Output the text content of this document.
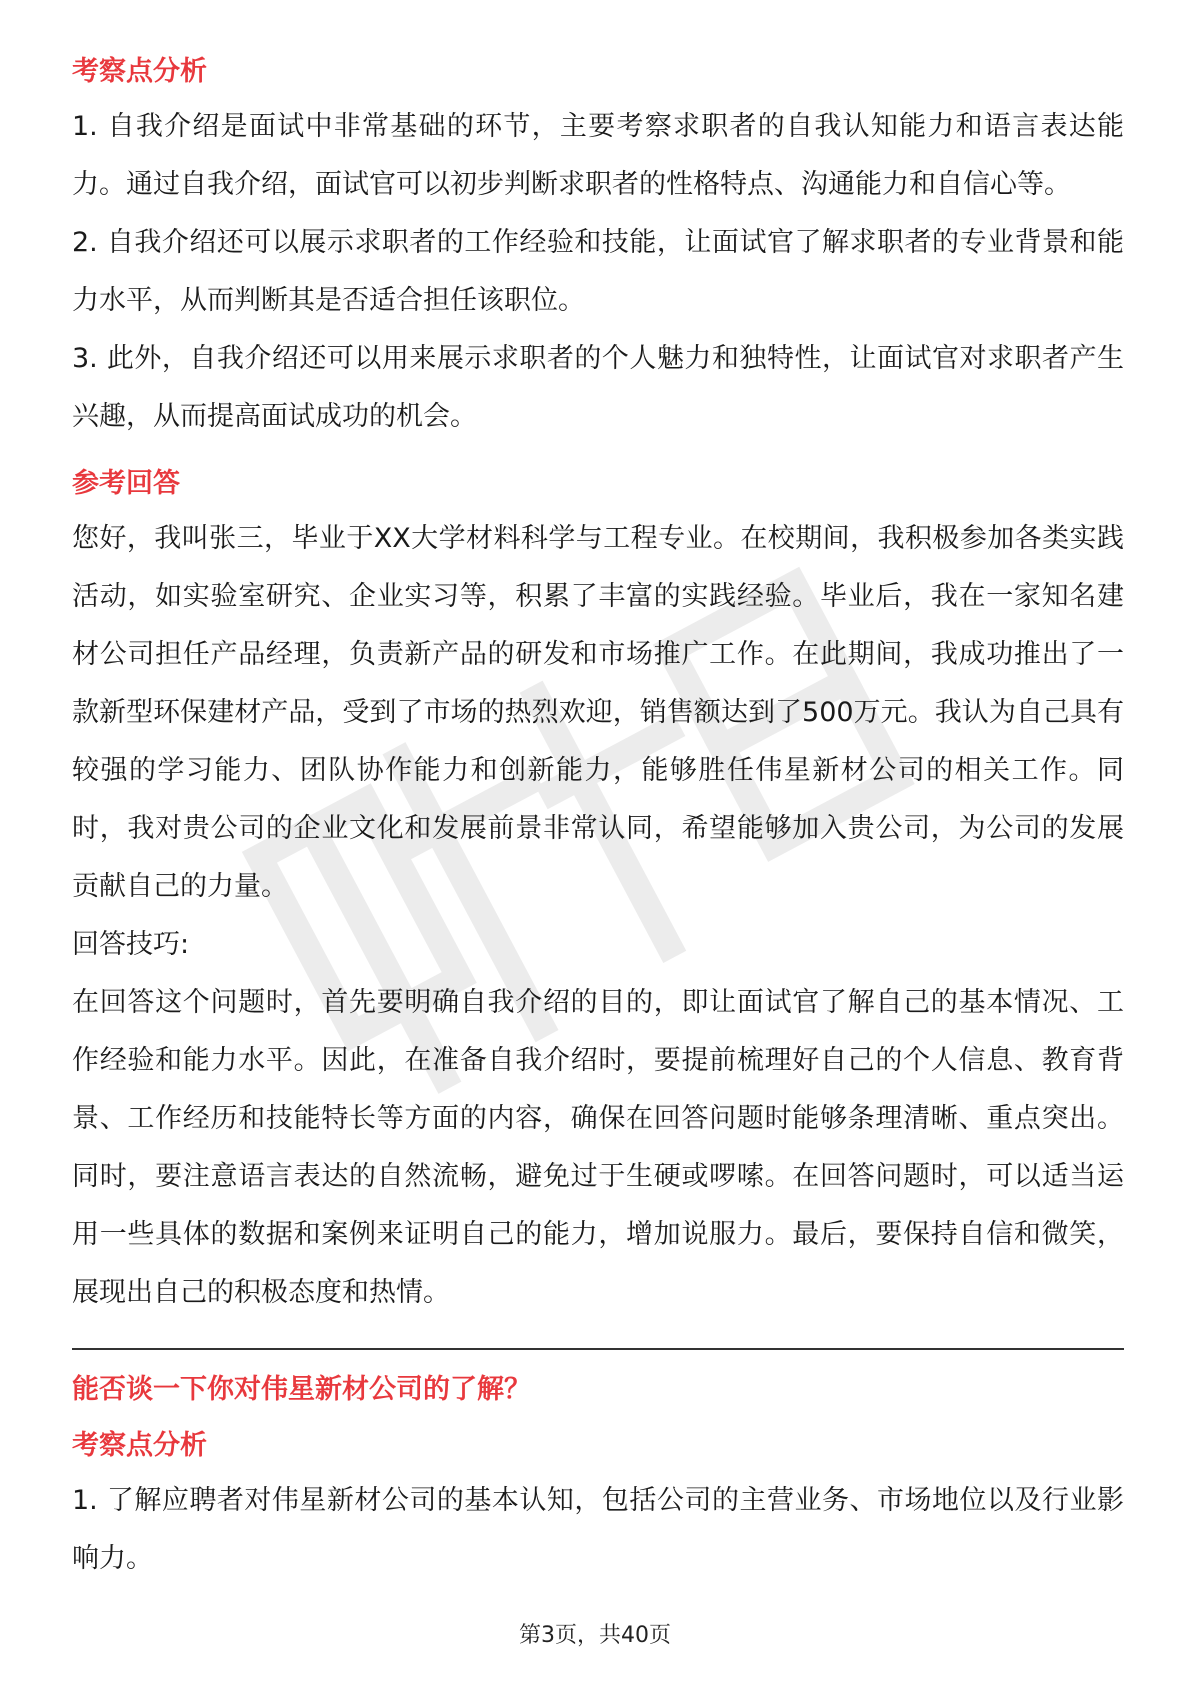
考察点分析

1. 自我介绍是面试中非常基础的环节，主要考察求职者的自我认知能力和语言表达能力。通过自我介绍，面试官可以初步判断求职者的性格特点、沟通能力和自信心等。

2. 自我介绍还可以展示求职者的工作经验和技能，让面试官了解求职者的专业背景和能力水平，从而判断其是否适合担任该职位。

3. 此外，自我介绍还可以用来展示求职者的个人魅力和独特性，让面试官对求职者产生兴趣，从而提高面试成功的机会。

参考回答

您好，我叫张三，毕业于XX大学材料科学与工程专业。在校期间，我积极参加各类实践活动，如实验室研究、企业实习等，积累了丰富的实践经验。毕业后，我在一家知名建材公司担任产品经理，负责新产品的研发和市场推广工作。在此期间，我成功推出了一款新型环保建材产品，受到了市场的热烈欢迎，销售额达到了500万元。我认为自己具有较强的学习能力、团队协作能力和创新能力，能够胜任伟星新材公司的相关工作。同时，我对贵公司的企业文化和发展前景非常认同，希望能够加入贵公司，为公司的发展贡献自己的力量。

回答技巧:

在回答这个问题时，首先要明确自我介绍的目的，即让面试官了解自己的基本情况、工作经验和能力水平。因此，在准备自我介绍时，要提前梳理好自己的个人信息、教育背景、工作经历和技能特长等方面的内容，确保在回答问题时能够条理清晰、重点突出。同时，要注意语言表达的自然流畅，避免过于生硬或啰嗦。在回答问题时，可以适当运用一些具体的数据和案例来证明自己的能力，增加说服力。最后，要保持自信和微笑，展现出自己的积极态度和热情。

能否谈一下你对伟星新材公司的了解？
考察点分析

1. 了解应聘者对伟星新材公司的基本认知，包括公司的主营业务、市场地位以及行业影响力。

第3页，共40页
